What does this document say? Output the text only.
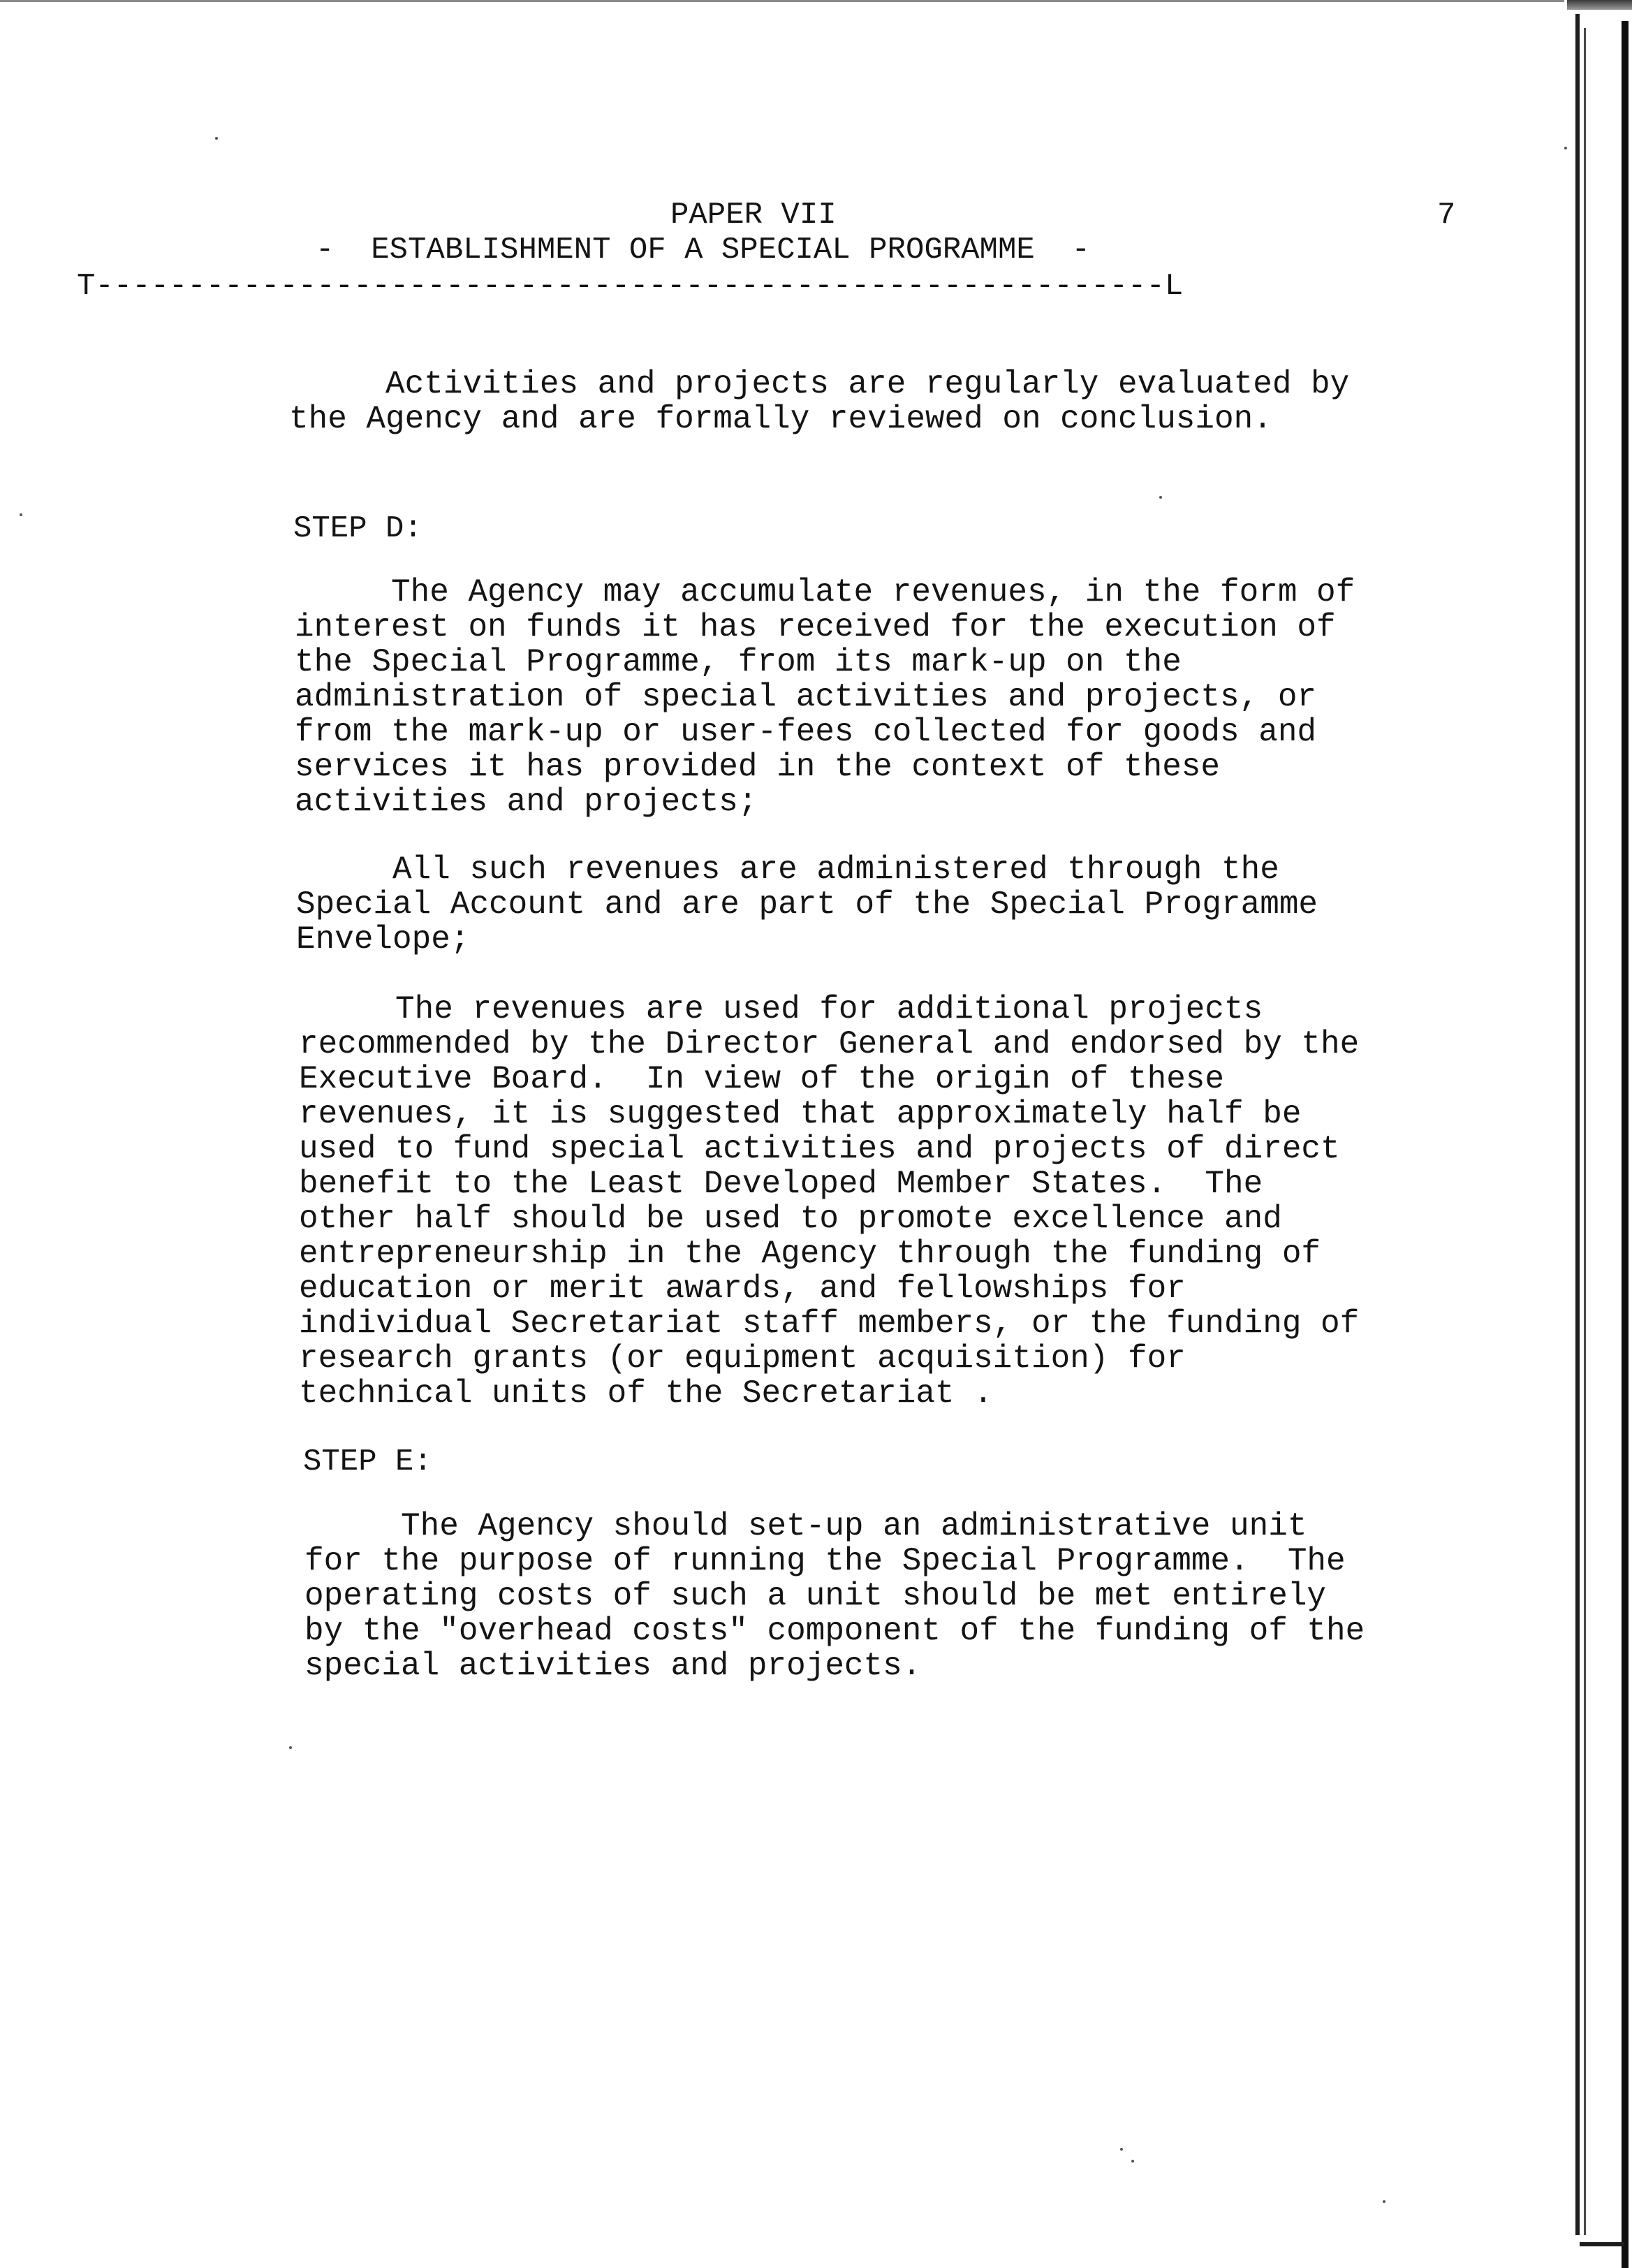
PAPER VII	7
-  ESTABLISHMENT OF A SPECIAL PROGRAMME  -
T----------------------------------------------------------L

Activities and projects are regularly evaluated by
the Agency and are formally reviewed on conclusion.

STEP D:

The Agency may accumulate revenues, in the form of
interest on funds it has received for the execution of
the Special Programme, from its mark-up on the
administration of special activities and projects, or
from the mark-up or user-fees collected for goods and
services it has provided in the context of these
activities and projects;

All such revenues are administered through the
Special Account and are part of the Special Programme
Envelope;

The revenues are used for additional projects
recommended by the Director General and endorsed by the
Executive Board.  In view of the origin of these
revenues, it is suggested that approximately half be
used to fund special activities and projects of direct
benefit to the Least Developed Member States.  The
other half should be used to promote excellence and
entrepreneurship in the Agency through the funding of
education or merit awards, and fellowships for
individual Secretariat staff members, or the funding of
research grants (or equipment acquisition) for
technical units of the Secretariat .

STEP E:

The Agency should set-up an administrative unit
for the purpose of running the Special Programme.  The
operating costs of such a unit should be met entirely
by the "overhead costs" component of the funding of the
special activities and projects.
